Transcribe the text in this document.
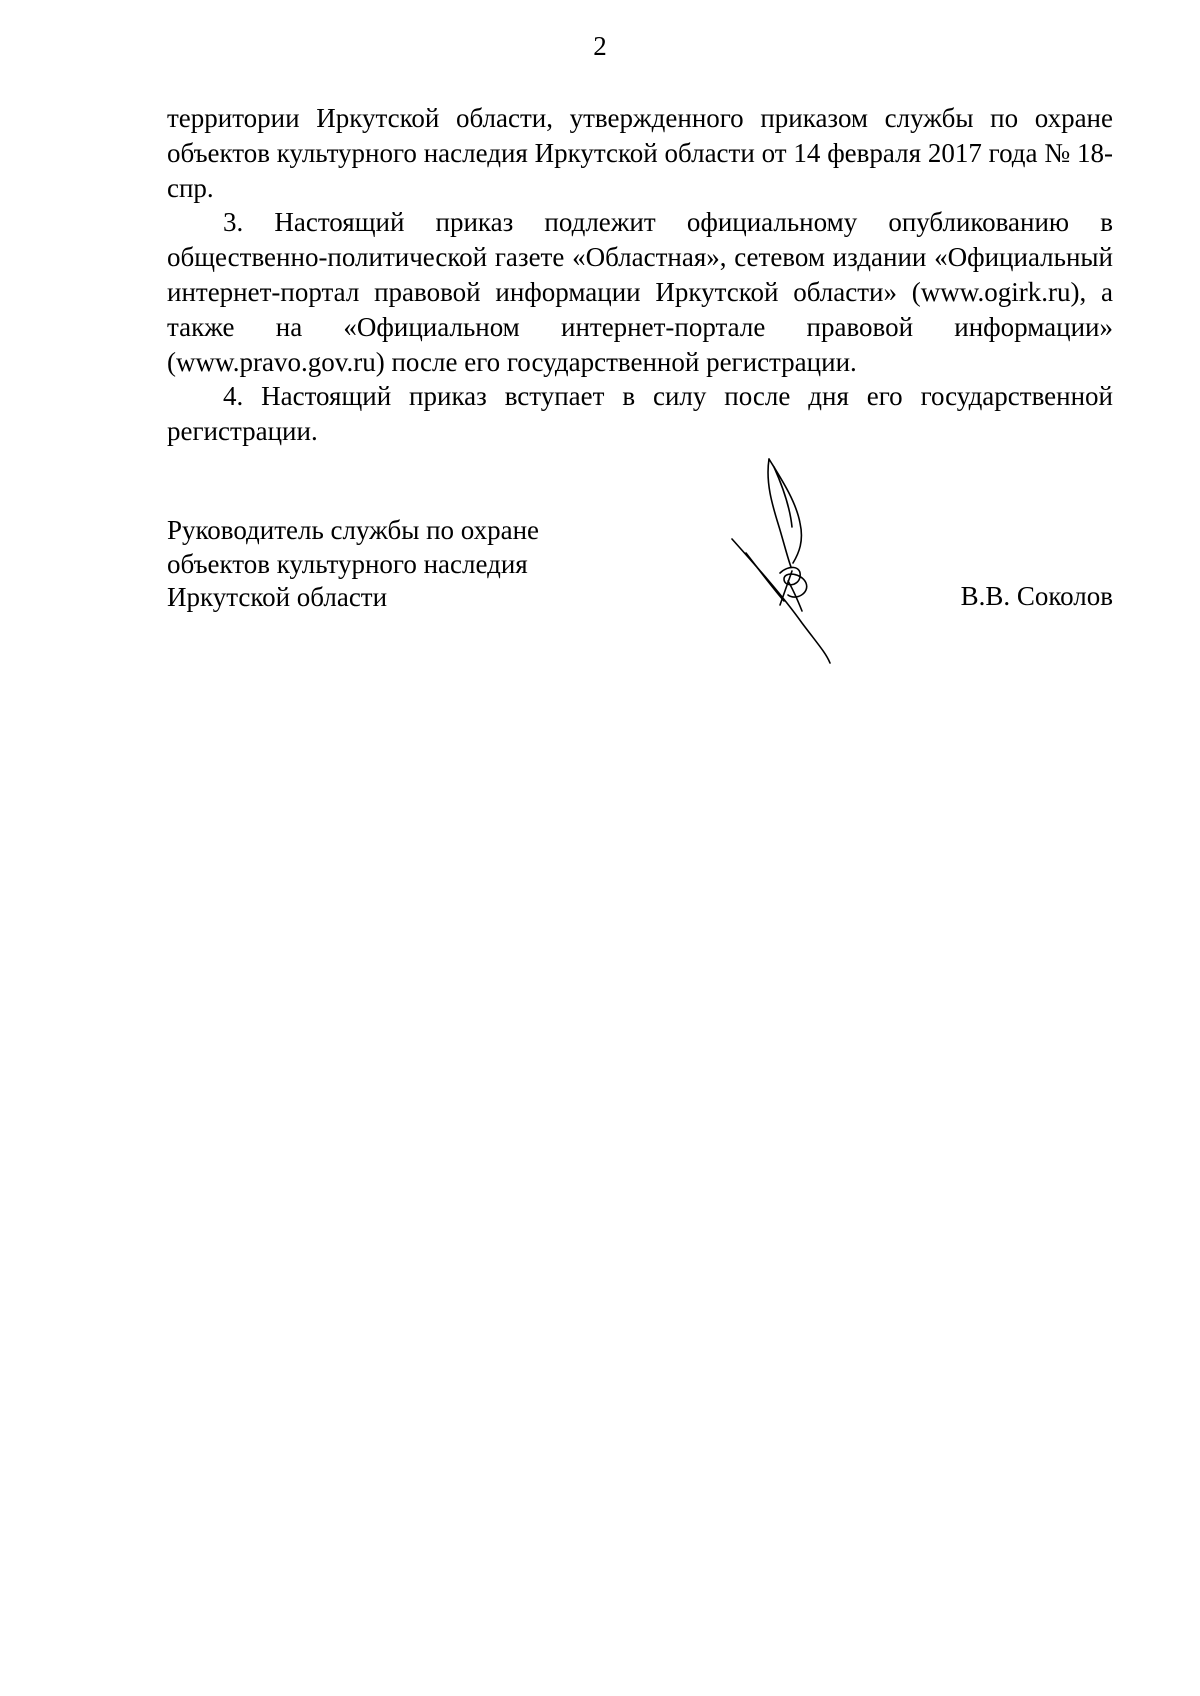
2

территории Иркутской области, утвержденного приказом службы по охране объектов культурного наследия Иркутской области от 14 февраля 2017 года № 18-спр.

3. Настоящий приказ подлежит официальному опубликованию в общественно-политической газете «Областная», сетевом издании «Официальный интернет-портал правовой информации Иркутской области» (www.ogirk.ru), а также на «Официальном интернет-портале правовой информации» (www.pravo.gov.ru) после его государственной регистрации.

4. Настоящий приказ вступает в силу после дня его государственной регистрации.

Руководитель службы по охране
объектов культурного наследия
Иркутской области	В.В. Соколов
